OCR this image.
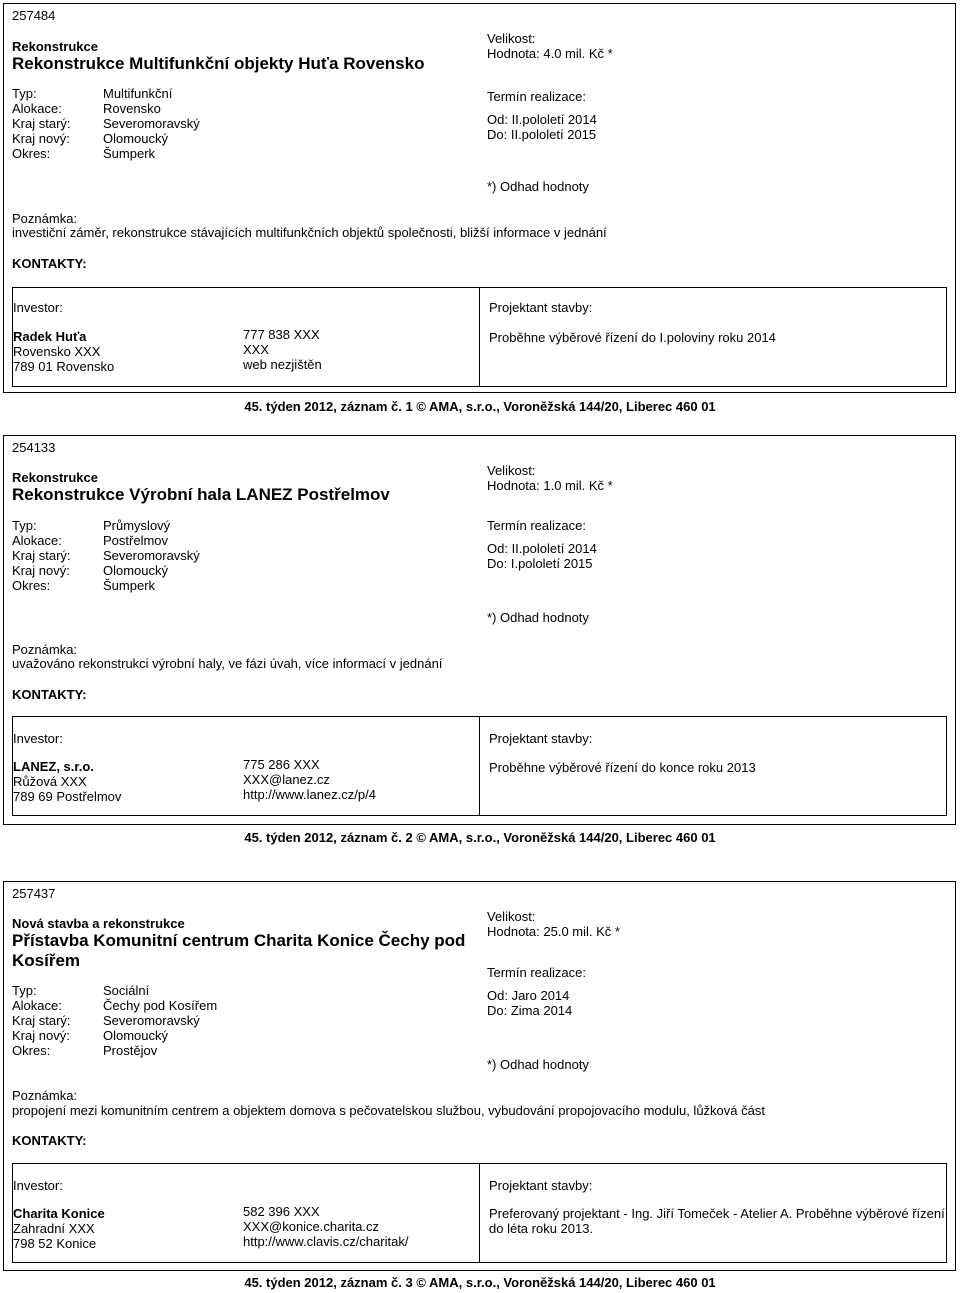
257484
Rekonstrukce
Rekonstrukce Multifunkční objekty Huťa Rovensko
Typ:
Alokace:
Kraj starý:
Kraj nový:
Okres:
Multifunkční
Rovensko
Severomoravský
Olomoucký
Šumperk
Velikost:
Hodnota: 4.0 mil. Kč *
Termín realizace:
Od: II.pololetí 2014
Do: II.pololetí 2015
*) Odhad hodnoty
Poznámka:
investiční záměr, rekonstrukce stávajících multifunkčních objektů společnosti, bližší informace v jednání
KONTAKTY:
Investor:
Radek Huťa
Rovensko XXX
789 01 Rovensko
777 838 XXX
XXX
web nezjištěn
Projektant stavby:
Proběhne výběrové řízení do I.poloviny roku 2014
45. týden 2012, záznam č. 1 © AMA, s.r.o., Voroněžská 144/20, Liberec 460 01
254133
Rekonstrukce
Rekonstrukce Výrobní hala LANEZ Postřelmov
Typ:
Alokace:
Kraj starý:
Kraj nový:
Okres:
Průmyslový
Postřelmov
Severomoravský
Olomoucký
Šumperk
Velikost:
Hodnota: 1.0 mil. Kč *
Termín realizace:
Od: II.pololetí 2014
Do: I.pololetí 2015
*) Odhad hodnoty
Poznámka:
uvažováno rekonstrukci výrobní haly, ve fázi úvah, více informací v jednání
KONTAKTY:
Investor:
LANEZ, s.r.o.
Růžová XXX
789 69 Postřelmov
775 286 XXX
XXX@lanez.cz
http://www.lanez.cz/p/4
Projektant stavby:
Proběhne výběrové řízení do konce roku 2013
45. týden 2012, záznam č. 2 © AMA, s.r.o., Voroněžská 144/20, Liberec 460 01
257437
Nová stavba a rekonstrukce
Přístavba Komunitní centrum Charita Konice Čechy pod Kosířem
Typ:
Alokace:
Kraj starý:
Kraj nový:
Okres:
Sociální
Čechy pod Kosířem
Severomoravský
Olomoucký
Prostějov
Velikost:
Hodnota: 25.0 mil. Kč *
Termín realizace:
Od: Jaro 2014
Do: Zima 2014
*) Odhad hodnoty
Poznámka:
propojení mezi komunitním centrem a objektem domova s pečovatelskou službou, vybudování propojovacího modulu, lůžková část
KONTAKTY:
Investor:
Charita Konice
Zahradní XXX
798 52 Konice
582 396 XXX
XXX@konice.charita.cz
http://www.clavis.cz/charitak/
Projektant stavby:
Preferovaný projektant - Ing. Jiří Tomeček - Atelier A. Proběhne výběrové řízení do léta roku 2013.
45. týden 2012, záznam č. 3 © AMA, s.r.o., Voroněžská 144/20, Liberec 460 01
